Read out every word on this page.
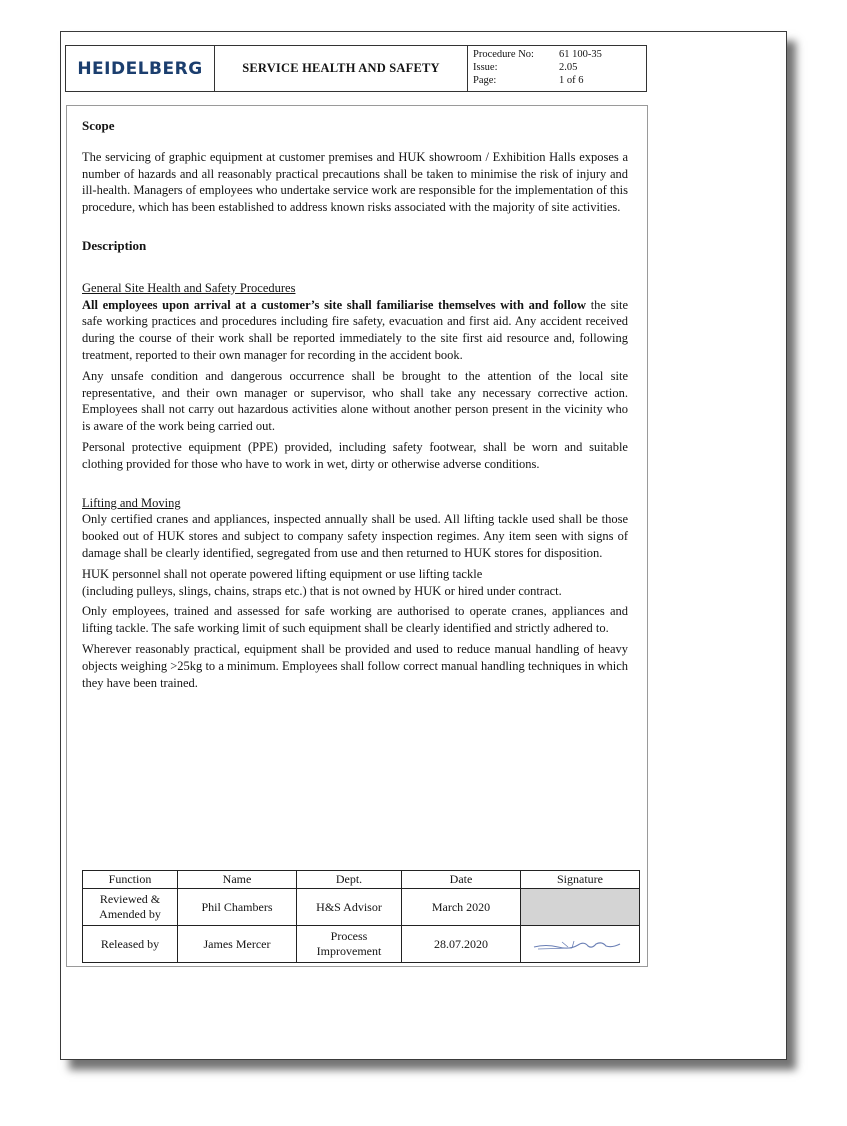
HEIDELBERG	SERVICE HEALTH AND SAFETY
Procedure No:	61 100-35
Issue:	2.05
Page:	1 of 6

Scope

The servicing of graphic equipment at customer premises and HUK showroom / Exhibition Halls exposes a number of hazards and all reasonably practical precautions shall be taken to minimise the risk of injury and ill-health. Managers of employees who undertake service work are responsible for the implementation of this procedure, which has been established to address known risks associated with the majority of site activities.

Description

General Site Health and Safety Procedures

All employees upon arrival at a customer’s site shall familiarise themselves with and follow the site safe working practices and procedures including fire safety, evacuation and first aid. Any accident received during the course of their work shall be reported immediately to the site first aid resource and, following treatment, reported to their own manager for recording in the accident book.

Any unsafe condition and dangerous occurrence shall be brought to the attention of the local site representative, and their own manager or supervisor, who shall take any necessary corrective action. Employees shall not carry out hazardous activities alone without another person present in the vicinity who is aware of the work being carried out.

Personal protective equipment (PPE) provided, including safety footwear, shall be worn and suitable clothing provided for those who have to work in wet, dirty or otherwise adverse conditions.

Lifting and Moving

Only certified cranes and appliances, inspected annually shall be used. All lifting tackle used shall be those booked out of HUK stores and subject to company safety inspection regimes. Any item seen with signs of damage shall be clearly identified, segregated from use and then returned to HUK stores for disposition.

HUK personnel shall not operate powered lifting equipment or use lifting tackle
(including pulleys, slings, chains, straps etc.) that is not owned by HUK or hired under contract.

Only employees, trained and assessed for safe working are authorised to operate cranes, appliances and lifting tackle. The safe working limit of such equipment shall be clearly identified and strictly adhered to.

Wherever reasonably practical, equipment shall be provided and used to reduce manual handling of heavy objects weighing >25kg to a minimum. Employees shall follow correct manual handling techniques in which they have been trained.

Function	Name	Dept.	Date	Signature
Reviewed & Amended by	Phil Chambers	H&S Advisor	March 2020	
Released by	James Mercer	Process Improvement	28.07.2020	
